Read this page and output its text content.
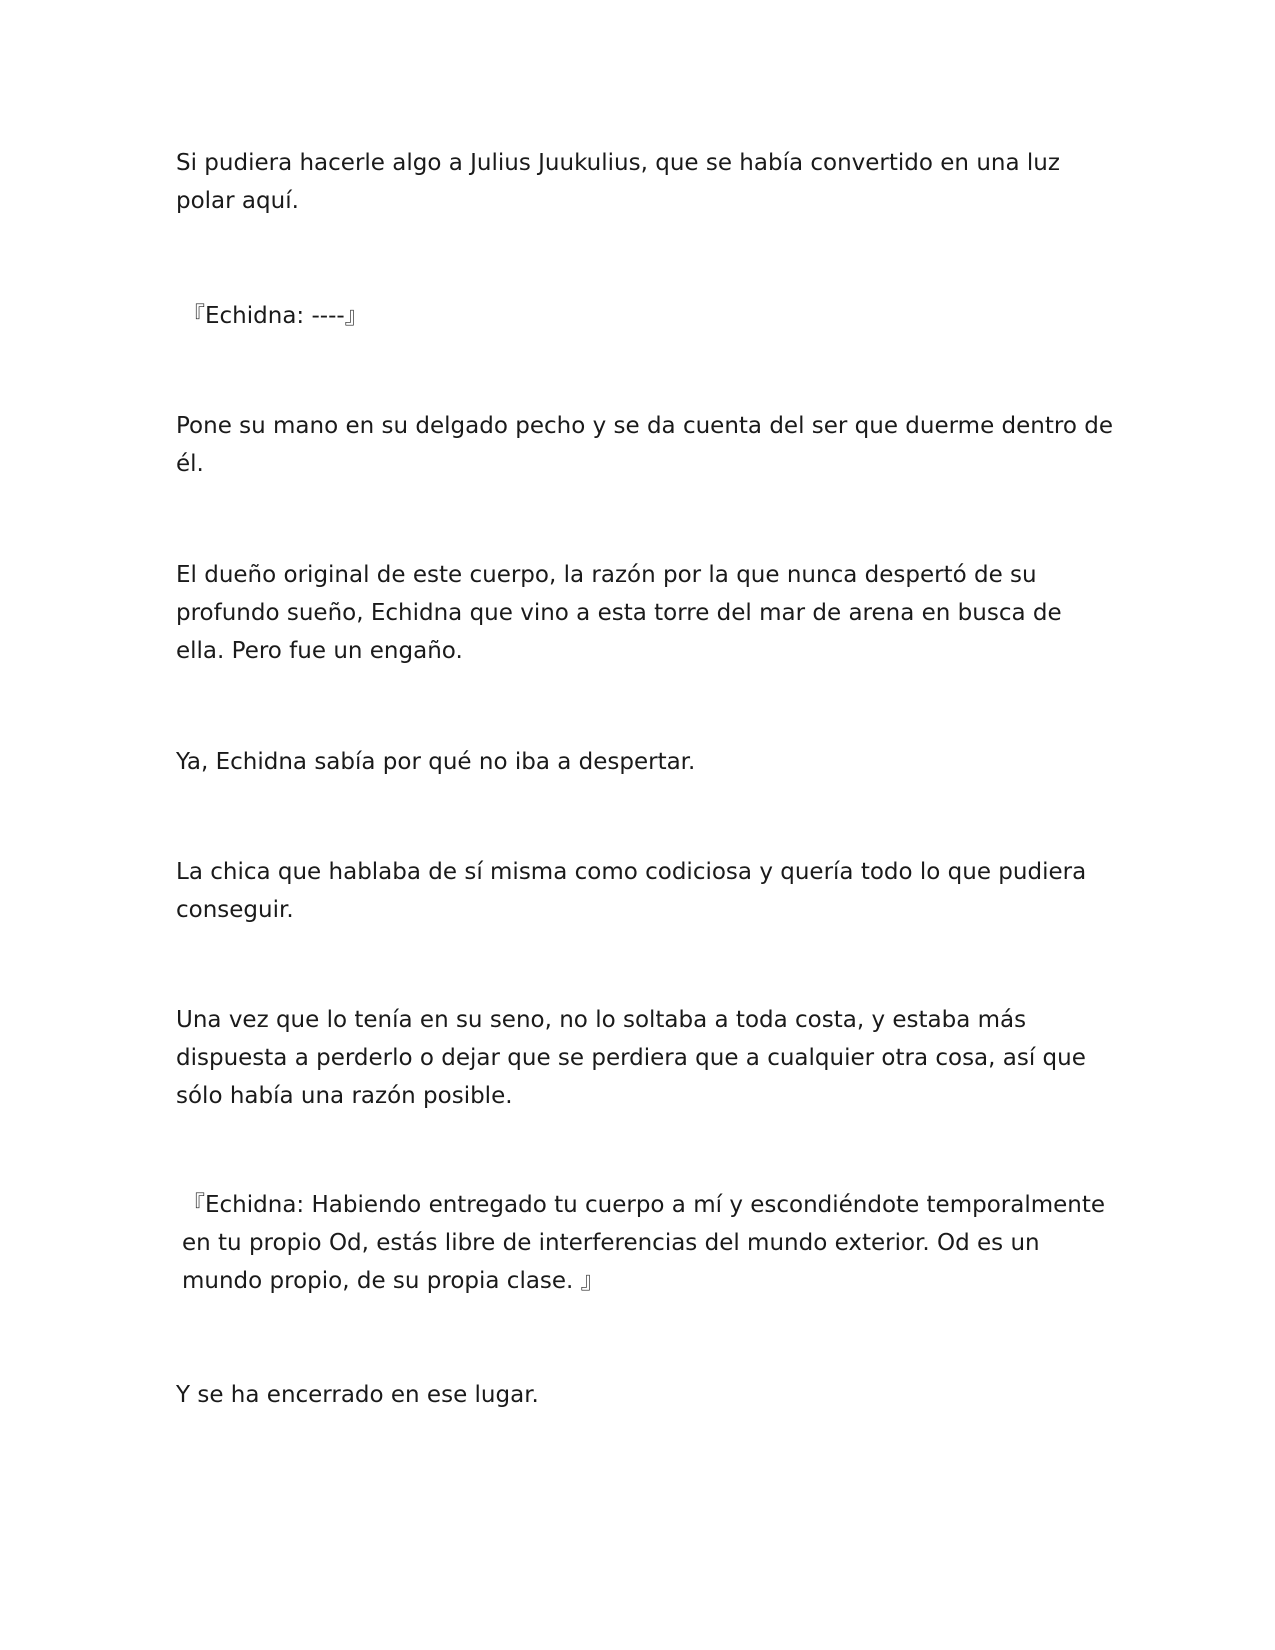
Si pudiera hacerle algo a Julius Juukulius, que se había convertido en una luz polar aquí.

『Echidna: ----』

Pone su mano en su delgado pecho y se da cuenta del ser que duerme dentro de él.

El dueño original de este cuerpo, la razón por la que nunca despertó de su profundo sueño, Echidna que vino a esta torre del mar de arena en busca de ella. Pero fue un engaño.

Ya, Echidna sabía por qué no iba a despertar.

La chica que hablaba de sí misma como codiciosa y quería todo lo que pudiera conseguir.

Una vez que lo tenía en su seno, no lo soltaba a toda costa, y estaba más dispuesta a perderlo o dejar que se perdiera que a cualquier otra cosa, así que sólo había una razón posible.

『Echidna: Habiendo entregado tu cuerpo a mí y escondiéndote temporalmente en tu propio Od, estás libre de interferencias del mundo exterior. Od es un mundo propio, de su propia clase. 』

Y se ha encerrado en ese lugar.
